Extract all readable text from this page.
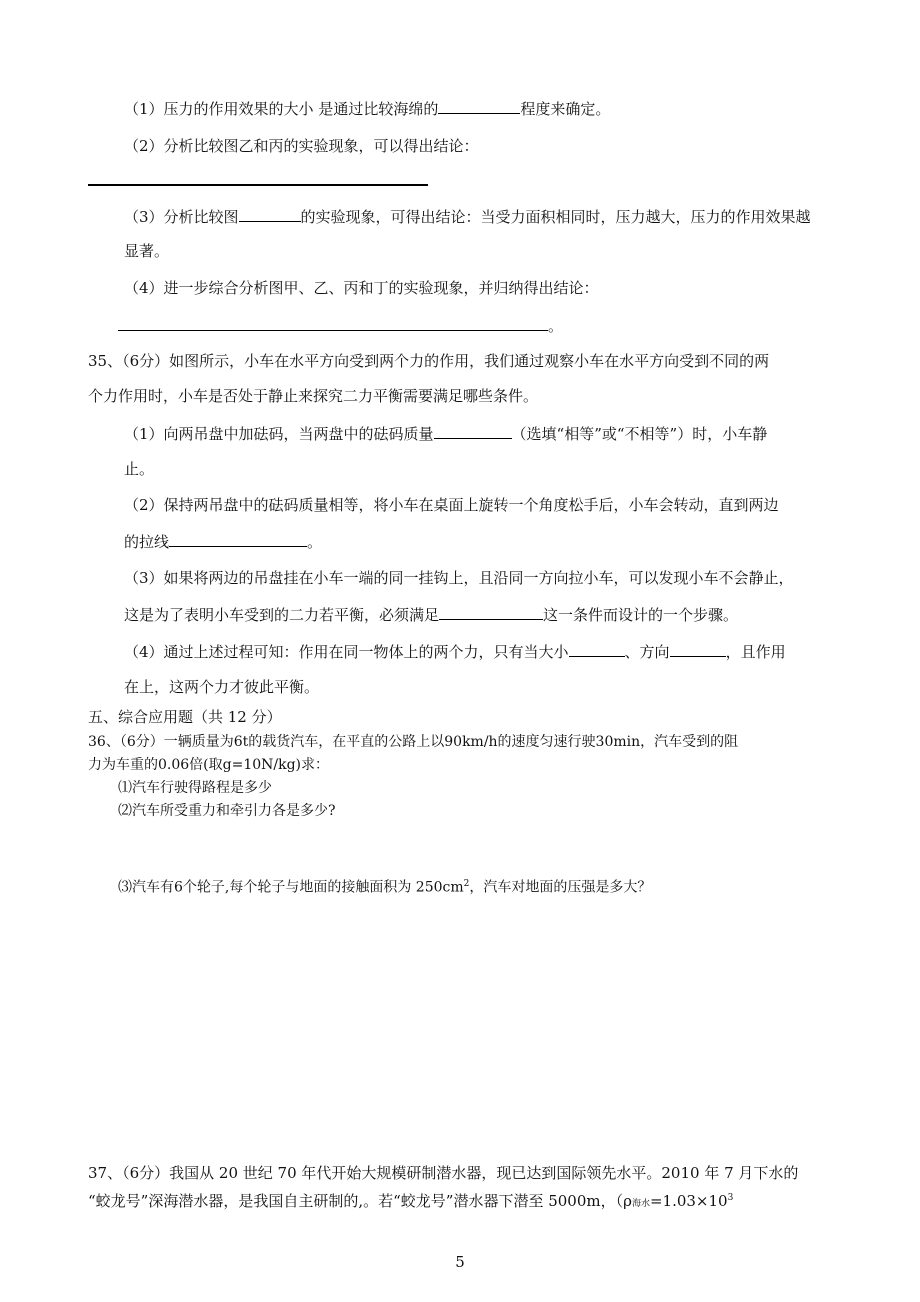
（1）压力的作用效果的大小 是通过比较海绵的	程度来确定。
（2）分析比较图乙和丙的实验现象，可以得出结论：
（3）分析比较图	的实验现象，可得出结论：当受力面积相同时，压力越大，压力的作用效果越
显著。
（4）进一步综合分析图甲、乙、丙和丁的实验现象，并归纳得出结论：
。
35、（6分）如图所示，小车在水平方向受到两个力的作用，我们通过观察小车在水平方向受到不同的两
个力作用时，小车是否处于静止来探究二力平衡需要满足哪些条件。
（1）向两吊盘中加砝码，当两盘中的砝码质量	（选填“相等”或“不相等”）时，小车静
止。
（2）保持两吊盘中的砝码质量相等，将小车在桌面上旋转一个角度松手后，小车会转动，直到两边
的拉线	。
（3）如果将两边的吊盘挂在小车一端的同一挂钩上，且沿同一方向拉小车，可以发现小车不会静止，
这是为了表明小车受到的二力若平衡，必须满足	这一条件而设计的一个步骤。
（4）通过上述过程可知：作用在同一物体上的两个力，只有当大小	、方向	，且作用
在上，这两个力才彼此平衡。
五、综合应用题（共 12 分）
36、（6分）一辆质量为6t的载货汽车，在平直的公路上以90km/h的速度匀速行驶30min，汽车受到的阻
力为车重的0.06倍(取g=10N/kg)求：
⑴汽车行驶得路程是多少
⑵汽车所受重力和牵引力各是多少?
⑶汽车有6个轮子,每个轮子与地面的接触面积为 $250cm^2$，汽车对地面的压强是多大？
37、（6分）我国从 20 世纪 70 年代开始大规模研制潜水器，现已达到国际领先水平。2010 年 7 月下水的
“蛟龙号”深海潜水器，是我国自主研制的,。若“蛟龙号”潜水器下潜至 5000m，（ρ海水$=1.03\times 10^3$
5
